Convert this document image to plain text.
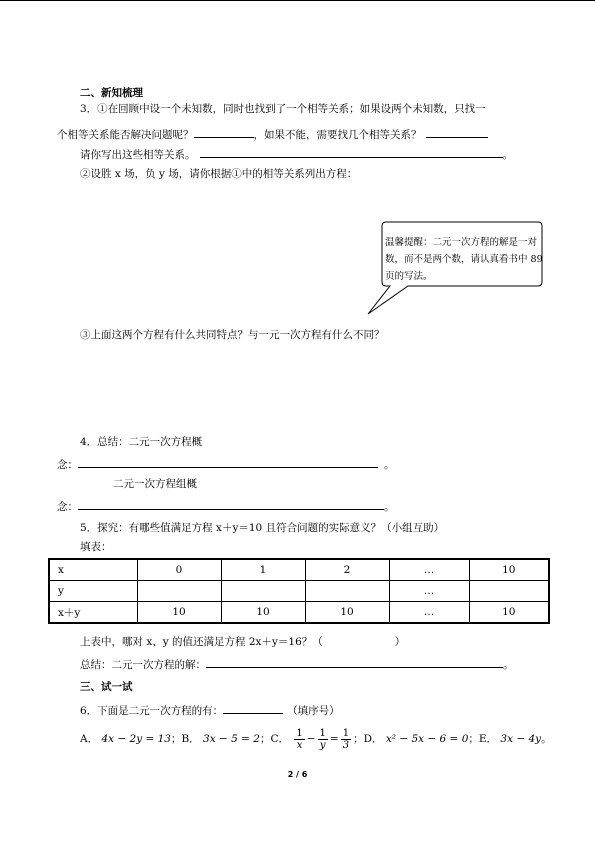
二、新知梳理
3．①在回顾中设一个未知数，同时也找到了一个相等关系；如果设两个未知数，只找一
个相等关系能否解决问题呢？	，如果不能，需要找几个相等关系？
请你写出这些相等关系。	。
②设胜 x 场，负 y 场，请你根据①中的相等关系列出方程：
温馨提醒：二元一次方程的解是一对数，而不是两个数，请认真看书中 89 页的写法。
③上面这两个方程有什么共同特点？与一元一次方程有什么不同？
4．总结：二元一次方程概
念：	。
二元一次方程组概
念：	。
5．探究：有哪些值满足方程 x＋y＝10 且符合问题的实际意义？（小组互助）
填表：
x	0	1	2	…	10
y				…	
x＋y	10	10	10	…	10
上表中，哪对 x、y 的值还满足方程 2x＋y＝16？（	）
总结：二元一次方程的解：	。
三、试一试
6．下面是二元一次方程的有：	（填序号）
A． 4x − 2y = 13；B． 3x − 5 = 2；C． $\frac{1}{x} - \frac{1}{y} = \frac{1}{3}$ ；D． x² − 5x − 6 = 0；E． 3x − 4y。
2 / 6
